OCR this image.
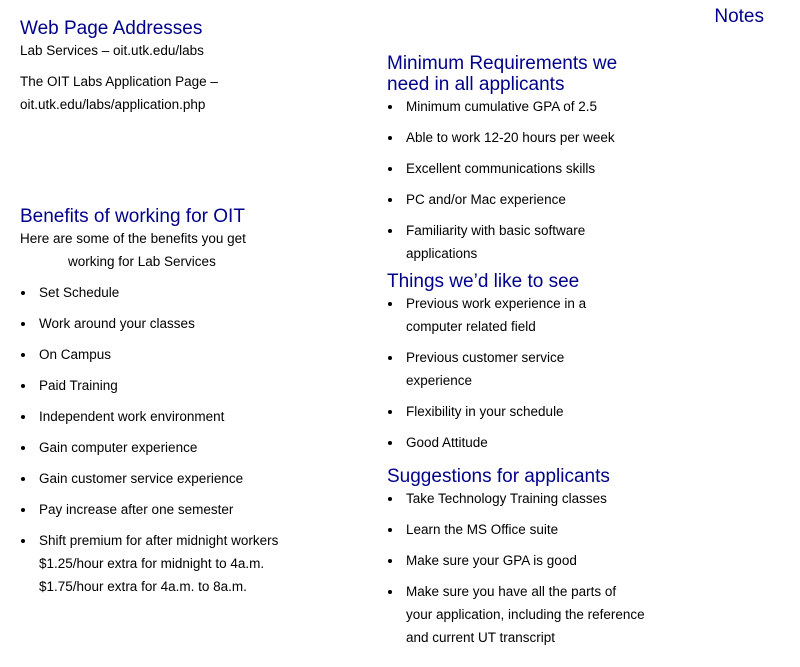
Web Page Addresses

Lab Services – oit.utk.edu/labs

The OIT Labs Application Page –

oit.utk.edu/labs/application.php

Benefits of working for OIT

Here are some of the benefits you get

working for Lab Services

Set Schedule
Work around your classes
On Campus
Paid Training
Independent work environment
Gain computer experience
Gain customer service experience
Pay increase after one semester
Shift premium for after midnight workers
$1.25/hour extra for midnight to 4a.m.
$1.75/hour extra for 4a.m. to 8a.m.
Notes
Minimum Requirements we
need in all applicants
Minimum cumulative GPA of 2.5
Able to work 12-20 hours per week
Excellent communications skills
PC and/or Mac experience
Familiarity with basic software applications
Things we’d like to see
Previous work experience in a computer related field
Previous customer service experience
Flexibility in your schedule
Good Attitude
Suggestions for applicants
Take Technology Training classes
Learn the MS Office suite
Make sure your GPA is good
Make sure you have all the parts of your application, including the reference and current UT transcript
